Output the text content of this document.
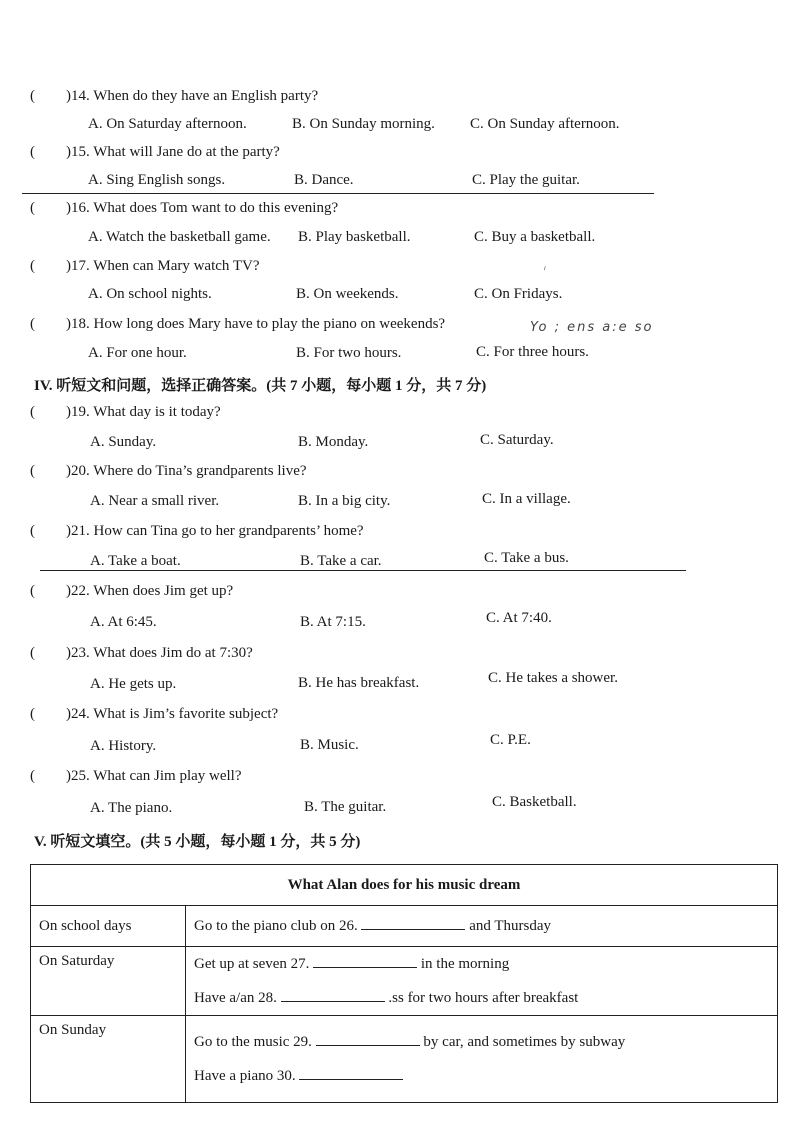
( )14. When do they have an English party?
A. On Saturday afternoon.	B. On Sunday morning. C. On Sunday afternoon.
( )15. What will Jane do at the party?
A. Sing English songs.	B. Dance.	C. Play the guitar.
( )16. What does Tom want to do this evening?
A. Watch the basketball game. B. Play basketball.	C. Buy a basketball.
( )17. When can Mary watch TV?	ᵢ
A. On school nights.	B. On weekends.	C. On Fridays.
( )18. How long does Mary have to play the piano on weekends?	Yo ; ens a:e so
A. For one hour.	B. For two hours.	C. For three hours.
IV. 听短文和问题，选择正确答案。(共 7 小题，每小题 1 分，共 7 分)
( )19. What day is it today?
A. Sunday.	B. Monday.	C. Saturday.
( )20. Where do Tina’s grandparents live?
A. Near a small river.	B. In a big city.	C. In a village.
( )21. How can Tina go to her grandparents’ home?
A. Take a boat.	B. Take a car.	C. Take a bus.
( )22. When does Jim get up?
A. At 6:45.	B. At 7:15.	C. At 7:40.
( )23. What does Jim do at 7:30?
A. He gets up.	B. He has breakfast.	C. He takes a shower.
( )24. What is Jim’s favorite subject?
A. History.	B. Music.	C. P.E.
( )25. What can Jim play well?
A. The piano.	B. The guitar.	C. Basketball.
V. 听短文填空。(共 5 小题，每小题 1 分，共 5 分)
What Alan does for his music dream	
On school days	Go to the piano club on 26. and Thursday

On Saturday	Get up at seven 27. in the morning
Have a/an 28. .ss for two hours after breakfast

On Sunday	Go to the music 29. by car, and sometimes by subway
Have a piano 30.
